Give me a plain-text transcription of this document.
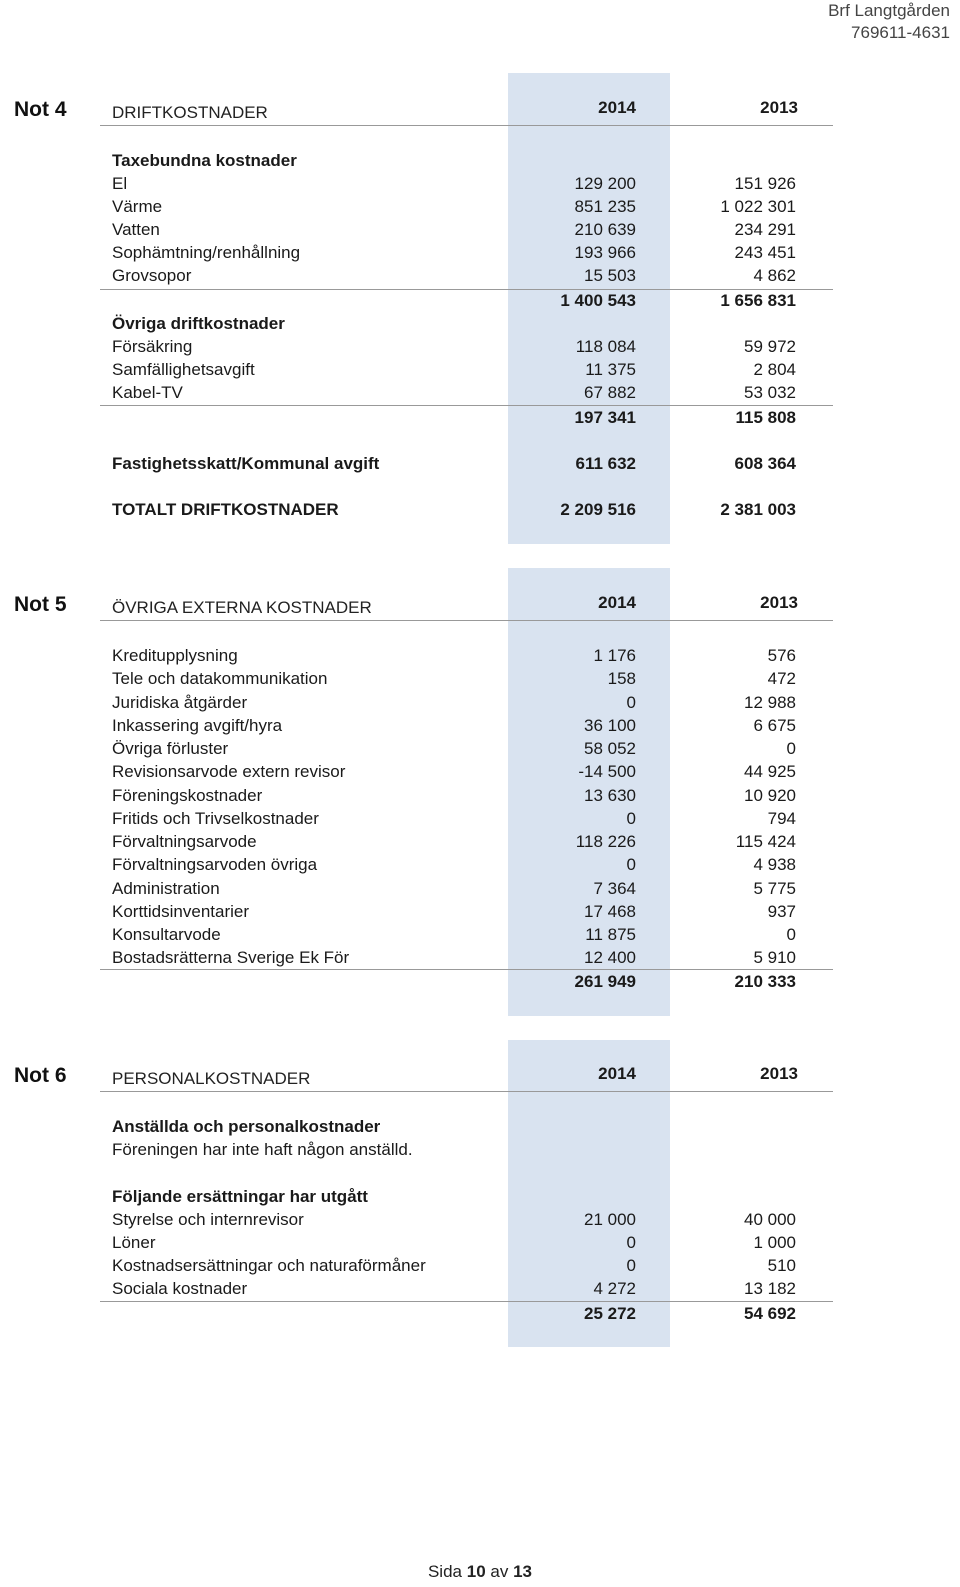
Brf Langtgården
769611-4631
Not 4	DRIFTKOSTNADER	2014	2013
Taxebundna kostnader
El	129 200	151 926
Värme	851 235	1 022 301
Vatten	210 639	234 291
Sophämtning/renhållning	193 966	243 451
Grovsopor	15 503	4 862
1 400 543	1 656 831
Övriga driftkostnader
Försäkring	118 084	59 972
Samfällighetsavgift	11 375	2 804
Kabel-TV	67 882	53 032
197 341	115 808
Fastighetsskatt/Kommunal avgift	611 632	608 364
TOTALT DRIFTKOSTNADER	2 209 516	2 381 003
Not 5	ÖVRIGA EXTERNA KOSTNADER	2014	2013
Kreditupplysning	1 176	576
Tele och datakommunikation	158	472
Juridiska åtgärder	0	12 988
Inkassering avgift/hyra	36 100	6 675
Övriga förluster	58 052	0
Revisionsarvode extern revisor	-14 500	44 925
Föreningskostnader	13 630	10 920
Fritids och Trivselkostnader	0	794
Förvaltningsarvode	118 226	115 424
Förvaltningsarvoden övriga	0	4 938
Administration	7 364	5 775
Korttidsinventarier	17 468	937
Konsultarvode	11 875	0
Bostadsrätterna Sverige Ek För	12 400	5 910
261 949	210 333
Not 6	PERSONALKOSTNADER	2014	2013
Anställda och personalkostnader
Föreningen har inte haft någon anställd.
Följande ersättningar har utgått
Styrelse och internrevisor	21 000	40 000
Löner	0	1 000
Kostnadsersättningar och naturaförmåner	0	510
Sociala kostnader	4 272	13 182
25 272	54 692
Sida 10 av 13
